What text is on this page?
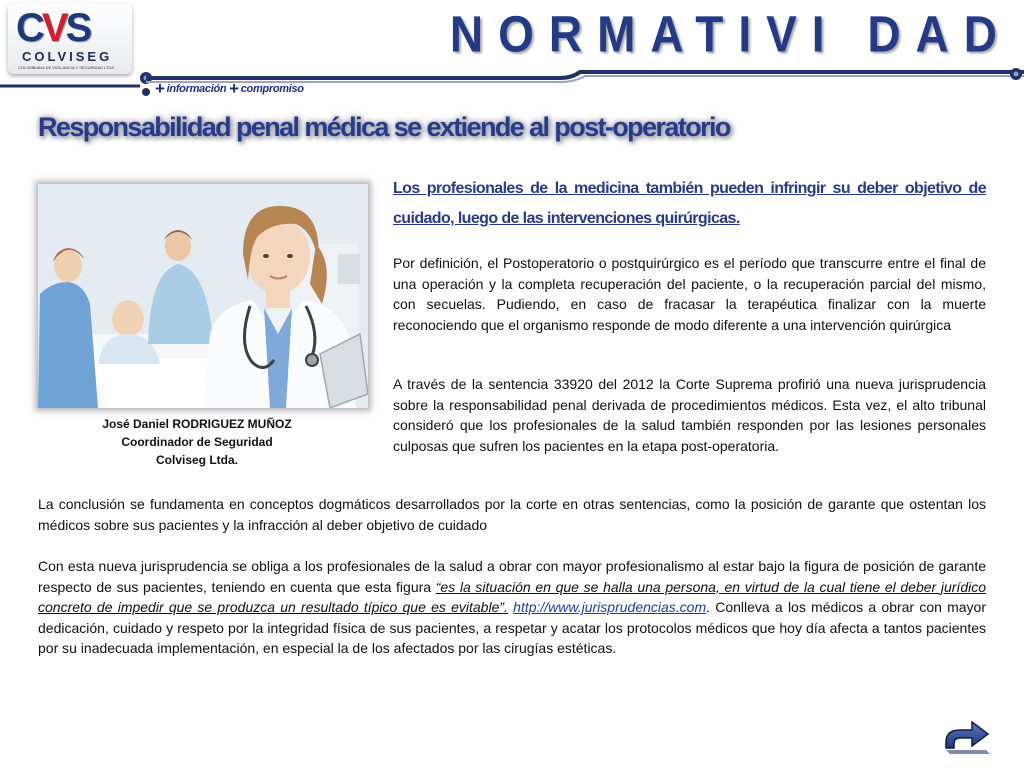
CVS
COLVISEG
COLOMBIANA DE VIGILANCIA Y SEGURIDAD LTDA
+ información + compromiso
NORMATIVI DAD
Responsabilidad penal médica se extiende al post-operatorio
José Daniel RODRIGUEZ MUÑOZ
Coordinador de Seguridad
Colviseg Ltda.
Los profesionales de la medicina también pueden infringir su deber objetivo de cuidado, luego de las intervenciones quirúrgicas.

Por definición, el Postoperatorio o postquirúrgico es el período que transcurre entre el final de una operación y la completa recuperación del paciente, o la recuperación parcial del mismo, con secuelas. Pudiendo, en caso de fracasar la terapéutica finalizar con la muerte reconociendo que el organismo responde de modo diferente a una intervención quirúrgica

A través de la sentencia 33920 del 2012 la Corte Suprema profirió una nueva jurisprudencia sobre la responsabilidad penal derivada de procedimientos médicos. Esta vez, el alto tribunal consideró que los profesionales de la salud también responden por las lesiones personales culposas que sufren los pacientes en la etapa post-operatoria.

La conclusión se fundamenta en conceptos dogmáticos desarrollados por la corte en otras sentencias, como la posición de garante que ostentan los médicos sobre sus pacientes y la infracción al deber objetivo de cuidado

Con esta nueva jurisprudencia se obliga a los profesionales de la salud a obrar con mayor profesionalismo al estar bajo la figura de posición de garante respecto de sus pacientes, teniendo en cuenta que esta figura “es la situación en que se halla una persona, en virtud de la cual tiene el deber jurídico concreto de impedir que se produzca un resultado típico que es evitable”. http://www.jurisprudencias.com. Conlleva a los médicos a obrar con mayor dedicación, cuidado y respeto por la integridad física de sus pacientes, a respetar y acatar los protocolos médicos que hoy día afecta a tantos pacientes por su inadecuada implementación, en especial la de los afectados por las cirugías estéticas.
